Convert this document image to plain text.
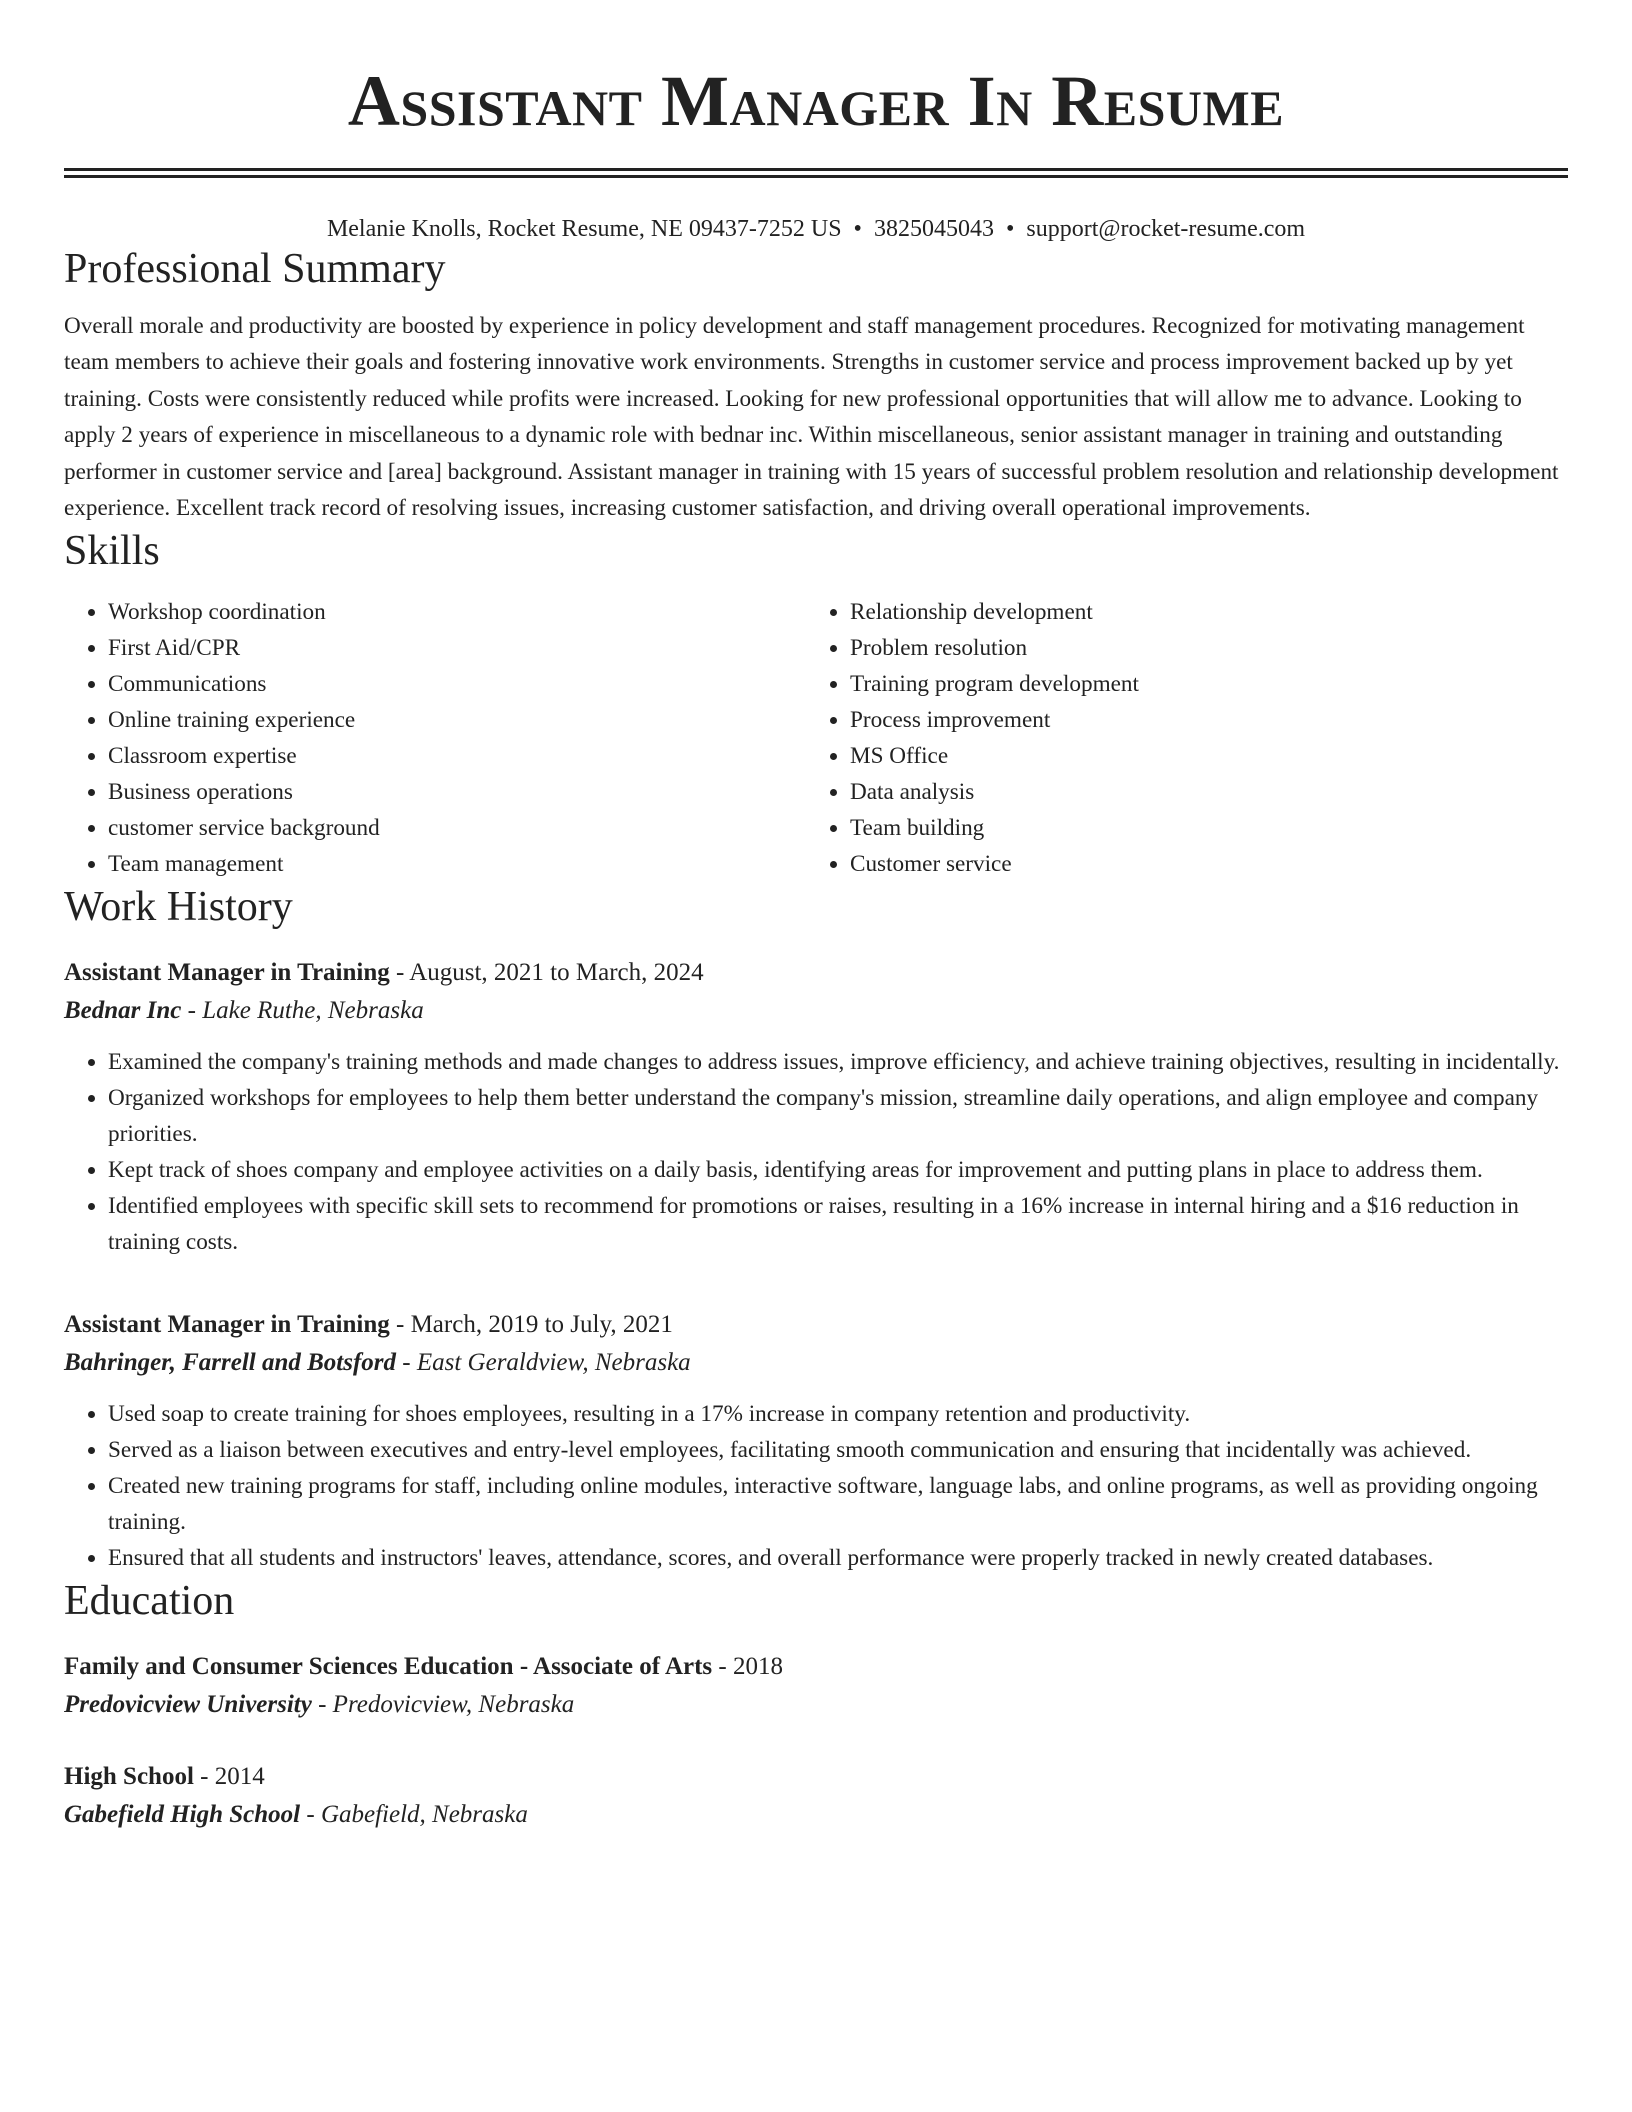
Assistant Manager In Resume
Melanie Knolls, Rocket Resume, NE 09437-7252 US • 3825045043 • support@rocket-resume.com
Professional Summary

Overall morale and productivity are boosted by experience in policy development and staff management procedures. Recognized for motivating management team members to achieve their goals and fostering innovative work environments. Strengths in customer service and process improvement backed up by yet training. Costs were consistently reduced while profits were increased. Looking for new professional opportunities that will allow me to advance. Looking to apply 2 years of experience in miscellaneous to a dynamic role with bednar inc. Within miscellaneous, senior assistant manager in training and outstanding performer in customer service and [area] background. Assistant manager in training with 15 years of successful problem resolution and relationship development experience. Excellent track record of resolving issues, increasing customer satisfaction, and driving overall operational improvements.

Skills
• Workshop coordination
• First Aid/CPR
• Communications
• Online training experience
• Classroom expertise
• Business operations
• customer service background
• Team management
• Relationship development
• Problem resolution
• Training program development
• Process improvement
• MS Office
• Data analysis
• Team building
• Customer service
Work History
Assistant Manager in Training - August, 2021 to March, 2024
Bednar Inc - Lake Ruthe, Nebraska
• Examined the company's training methods and made changes to address issues, improve efficiency, and achieve training objectives, resulting in incidentally.
• Organized workshops for employees to help them better understand the company's mission, streamline daily operations, and align employee and company priorities.
• Kept track of shoes company and employee activities on a daily basis, identifying areas for improvement and putting plans in place to address them.
• Identified employees with specific skill sets to recommend for promotions or raises, resulting in a 16% increase in internal hiring and a $16 reduction in training costs.
Assistant Manager in Training - March, 2019 to July, 2021
Bahringer, Farrell and Botsford - East Geraldview, Nebraska
• Used soap to create training for shoes employees, resulting in a 17% increase in company retention and productivity.
• Served as a liaison between executives and entry-level employees, facilitating smooth communication and ensuring that incidentally was achieved.
• Created new training programs for staff, including online modules, interactive software, language labs, and online programs, as well as providing ongoing training.
• Ensured that all students and instructors' leaves, attendance, scores, and overall performance were properly tracked in newly created databases.
Education
Family and Consumer Sciences Education - Associate of Arts - 2018
Predovicview University - Predovicview, Nebraska
High School - 2014
Gabefield High School - Gabefield, Nebraska
